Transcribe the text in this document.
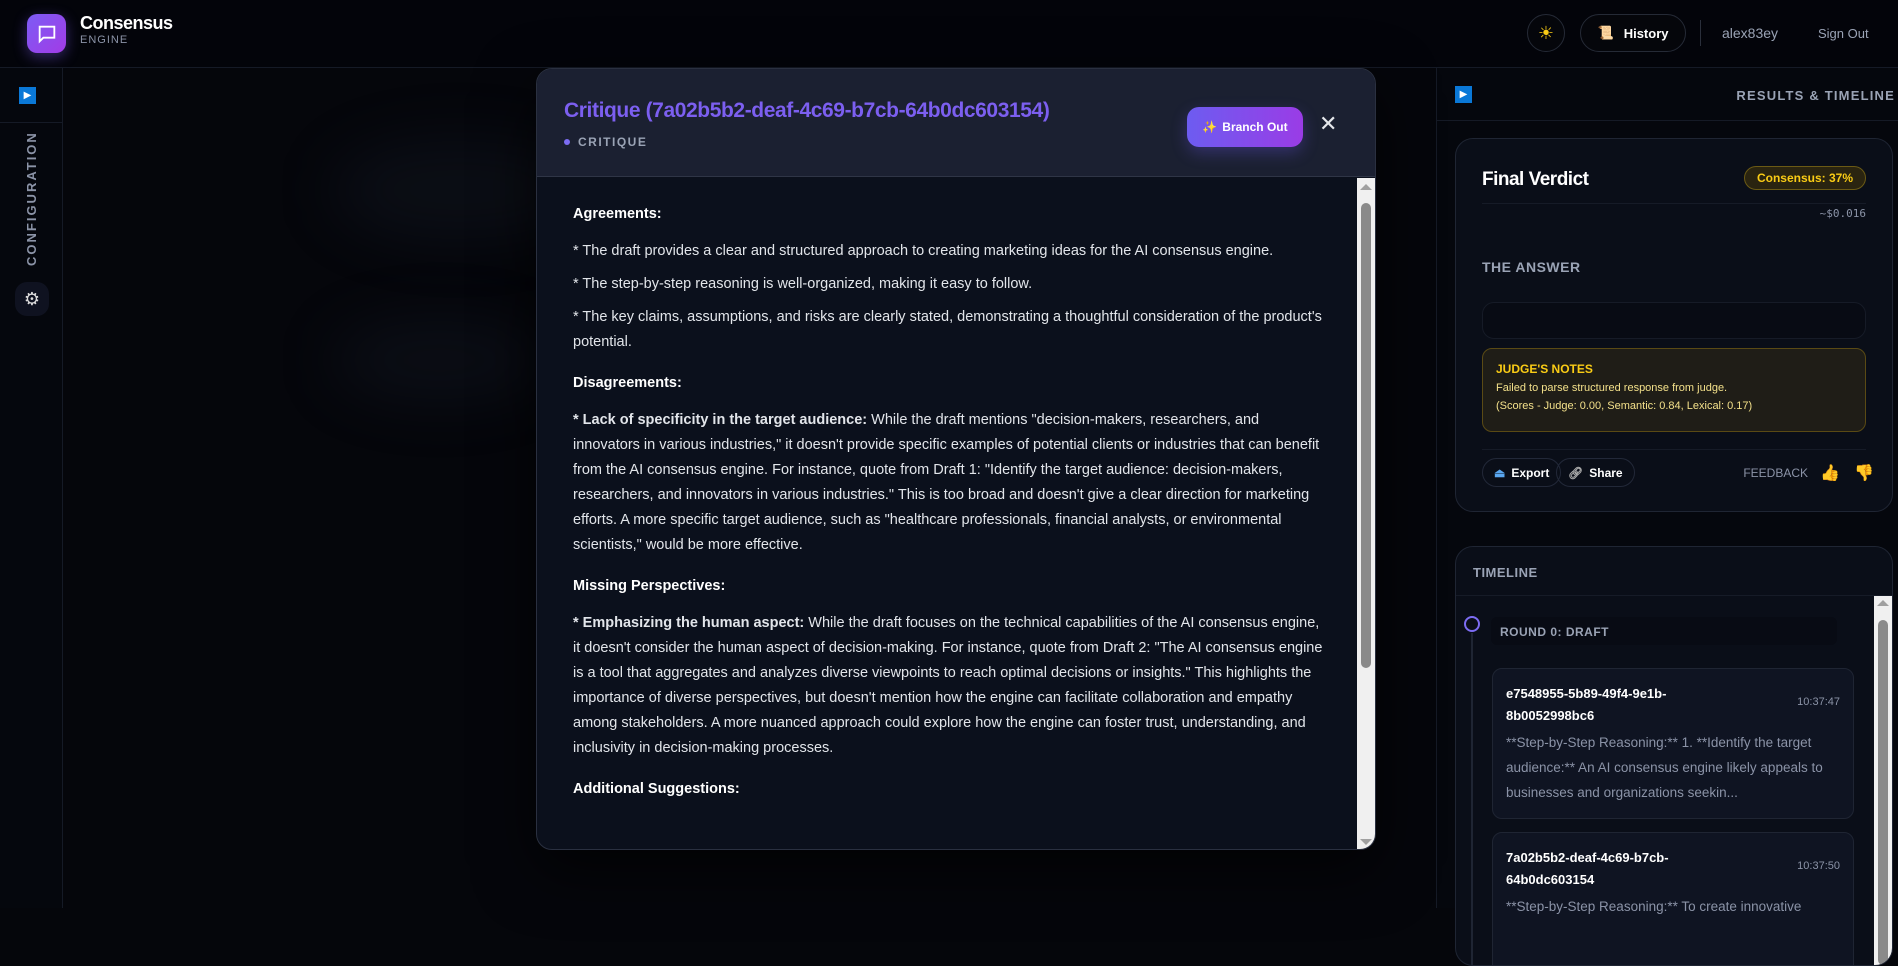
Consensus
ENGINE	☀	📜 History	alex83ey	Sign Out
▶
CONFIGURATION
⚙
▶	RESULTS & TIMELINE
Final Verdict	Consensus: 37%
~$0.016
THE ANSWER
JUDGE'S NOTES
Failed to parse structured response from judge.
(Scores - Judge: 0.00, Semantic: 0.84, Lexical: 0.17)
⏏ Export 🔗︎ Share	FEEDBACK 👍 👎
TIMELINE
ROUND 0: DRAFT
e7548955-5b89-49f4-9e1b-8b0052998bc6
10:37:47
**Step-by-Step Reasoning:** 1. **Identify the target audience:** An AI consensus engine likely appeals to businesses and organizations seekin...
7a02b5b2-deaf-4c69-b7cb-64b0dc603154
10:37:50
**Step-by-Step Reasoning:** To create innovative
Critique (7a02b5b2-deaf-4c69-b7cb-64b0dc603154)
CRITIQUE
✨ Branch Out ✕
Agreements:

* The draft provides a clear and structured approach to creating marketing ideas for the AI consensus engine.

* The step-by-step reasoning is well-organized, making it easy to follow.

* The key claims, assumptions, and risks are clearly stated, demonstrating a thoughtful consideration of the product's potential.

Disagreements:

* Lack of specificity in the target audience: While the draft mentions "decision-makers, researchers, and innovators in various industries," it doesn't provide specific examples of potential clients or industries that can benefit from the AI consensus engine. For instance, quote from Draft 1: "Identify the target audience: decision-makers, researchers, and innovators in various industries." This is too broad and doesn't give a clear direction for marketing efforts. A more specific target audience, such as "healthcare professionals, financial analysts, or environmental scientists," would be more effective.

Missing Perspectives:

* Emphasizing the human aspect: While the draft focuses on the technical capabilities of the AI consensus engine, it doesn't consider the human aspect of decision-making. For instance, quote from Draft 2: "The AI consensus engine is a tool that aggregates and analyzes diverse viewpoints to reach optimal decisions or insights." This highlights the importance of diverse perspectives, but doesn't mention how the engine can facilitate collaboration and empathy among stakeholders. A more nuanced approach could explore how the engine can foster trust, understanding, and inclusivity in decision-making processes.

Additional Suggestions:
